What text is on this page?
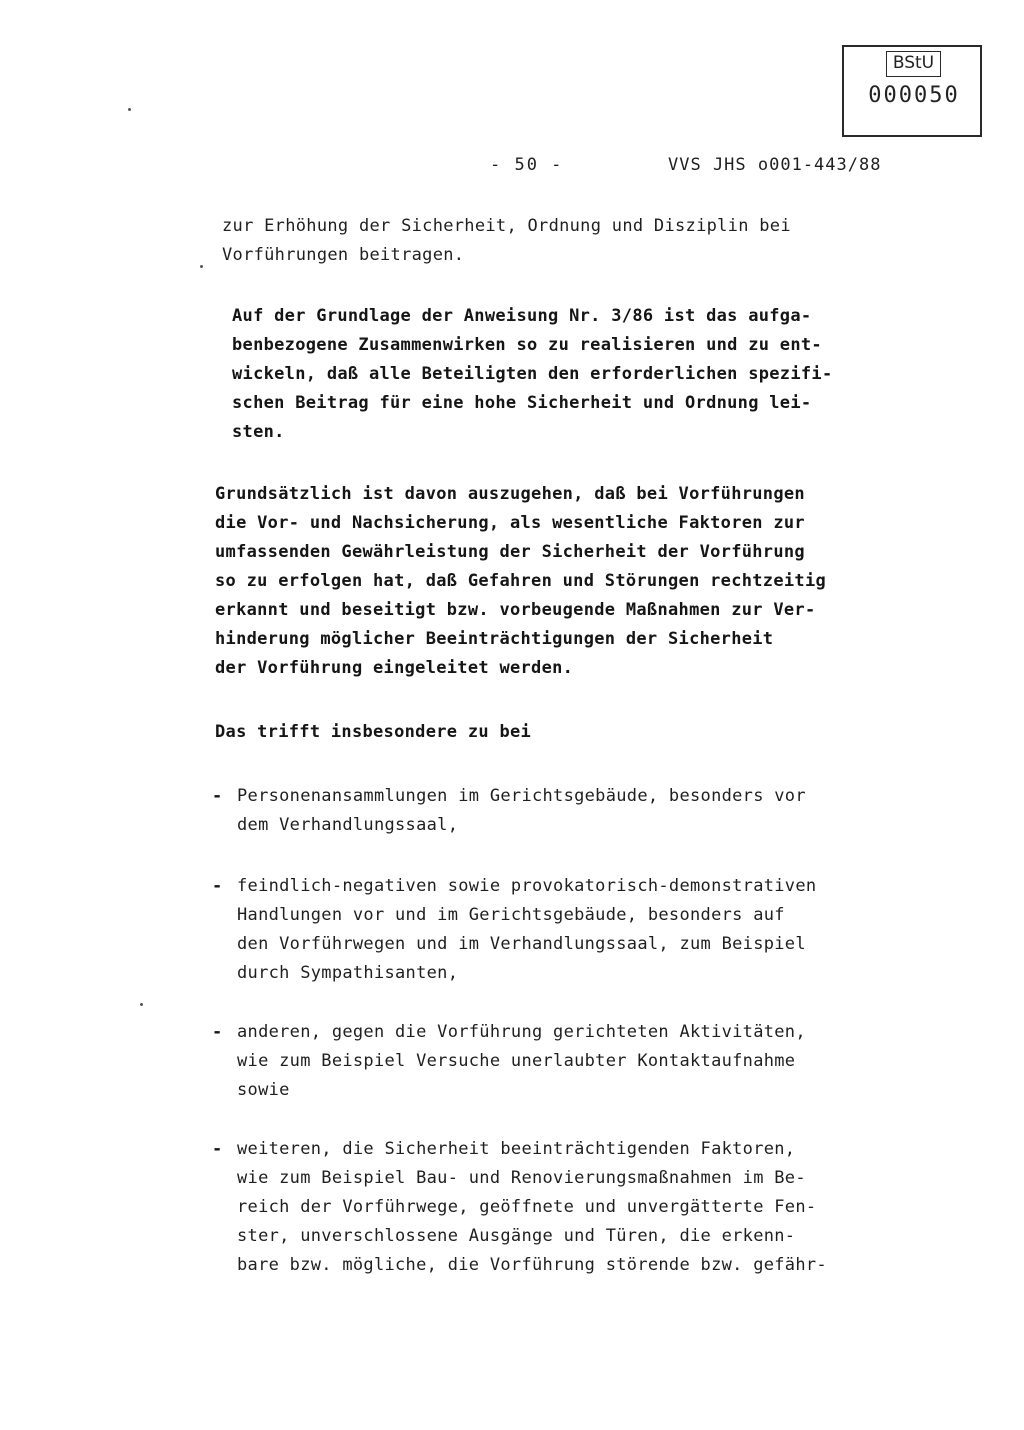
BStU
000050
- 50 -	VVS JHS o001-443/88
zur Erhöhung der Sicherheit, Ordnung und Disziplin bei
Vorführungen beitragen.
Auf der Grundlage der Anweisung Nr. 3/86 ist das aufga-
benbezogene Zusammenwirken so zu realisieren und zu ent-
wickeln, daß alle Beteiligten den erforderlichen spezifi-
schen Beitrag für eine hohe Sicherheit und Ordnung lei-
sten.
Grundsätzlich ist davon auszugehen, daß bei Vorführungen
die Vor- und Nachsicherung, als wesentliche Faktoren zur
umfassenden Gewährleistung der Sicherheit der Vorführung
so zu erfolgen hat, daß Gefahren und Störungen rechtzeitig
erkannt und beseitigt bzw. vorbeugende Maßnahmen zur Ver-
hinderung möglicher Beeinträchtigungen der Sicherheit
der Vorführung eingeleitet werden.
Das trifft insbesondere zu bei
- Personenansammlungen im Gerichtsgebäude, besonders vor
dem Verhandlungssaal,
- feindlich-negativen sowie provokatorisch-demonstrativen
Handlungen vor und im Gerichtsgebäude, besonders auf
den Vorführwegen und im Verhandlungssaal, zum Beispiel
durch Sympathisanten,
- anderen, gegen die Vorführung gerichteten Aktivitäten,
wie zum Beispiel Versuche unerlaubter Kontaktaufnahme
sowie
- weiteren, die Sicherheit beeinträchtigenden Faktoren,
wie zum Beispiel Bau- und Renovierungsmaßnahmen im Be-
reich der Vorführwege, geöffnete und unvergätterte Fen-
ster, unverschlossene Ausgänge und Türen, die erkenn-
bare bzw. mögliche, die Vorführung störende bzw. gefähr-
